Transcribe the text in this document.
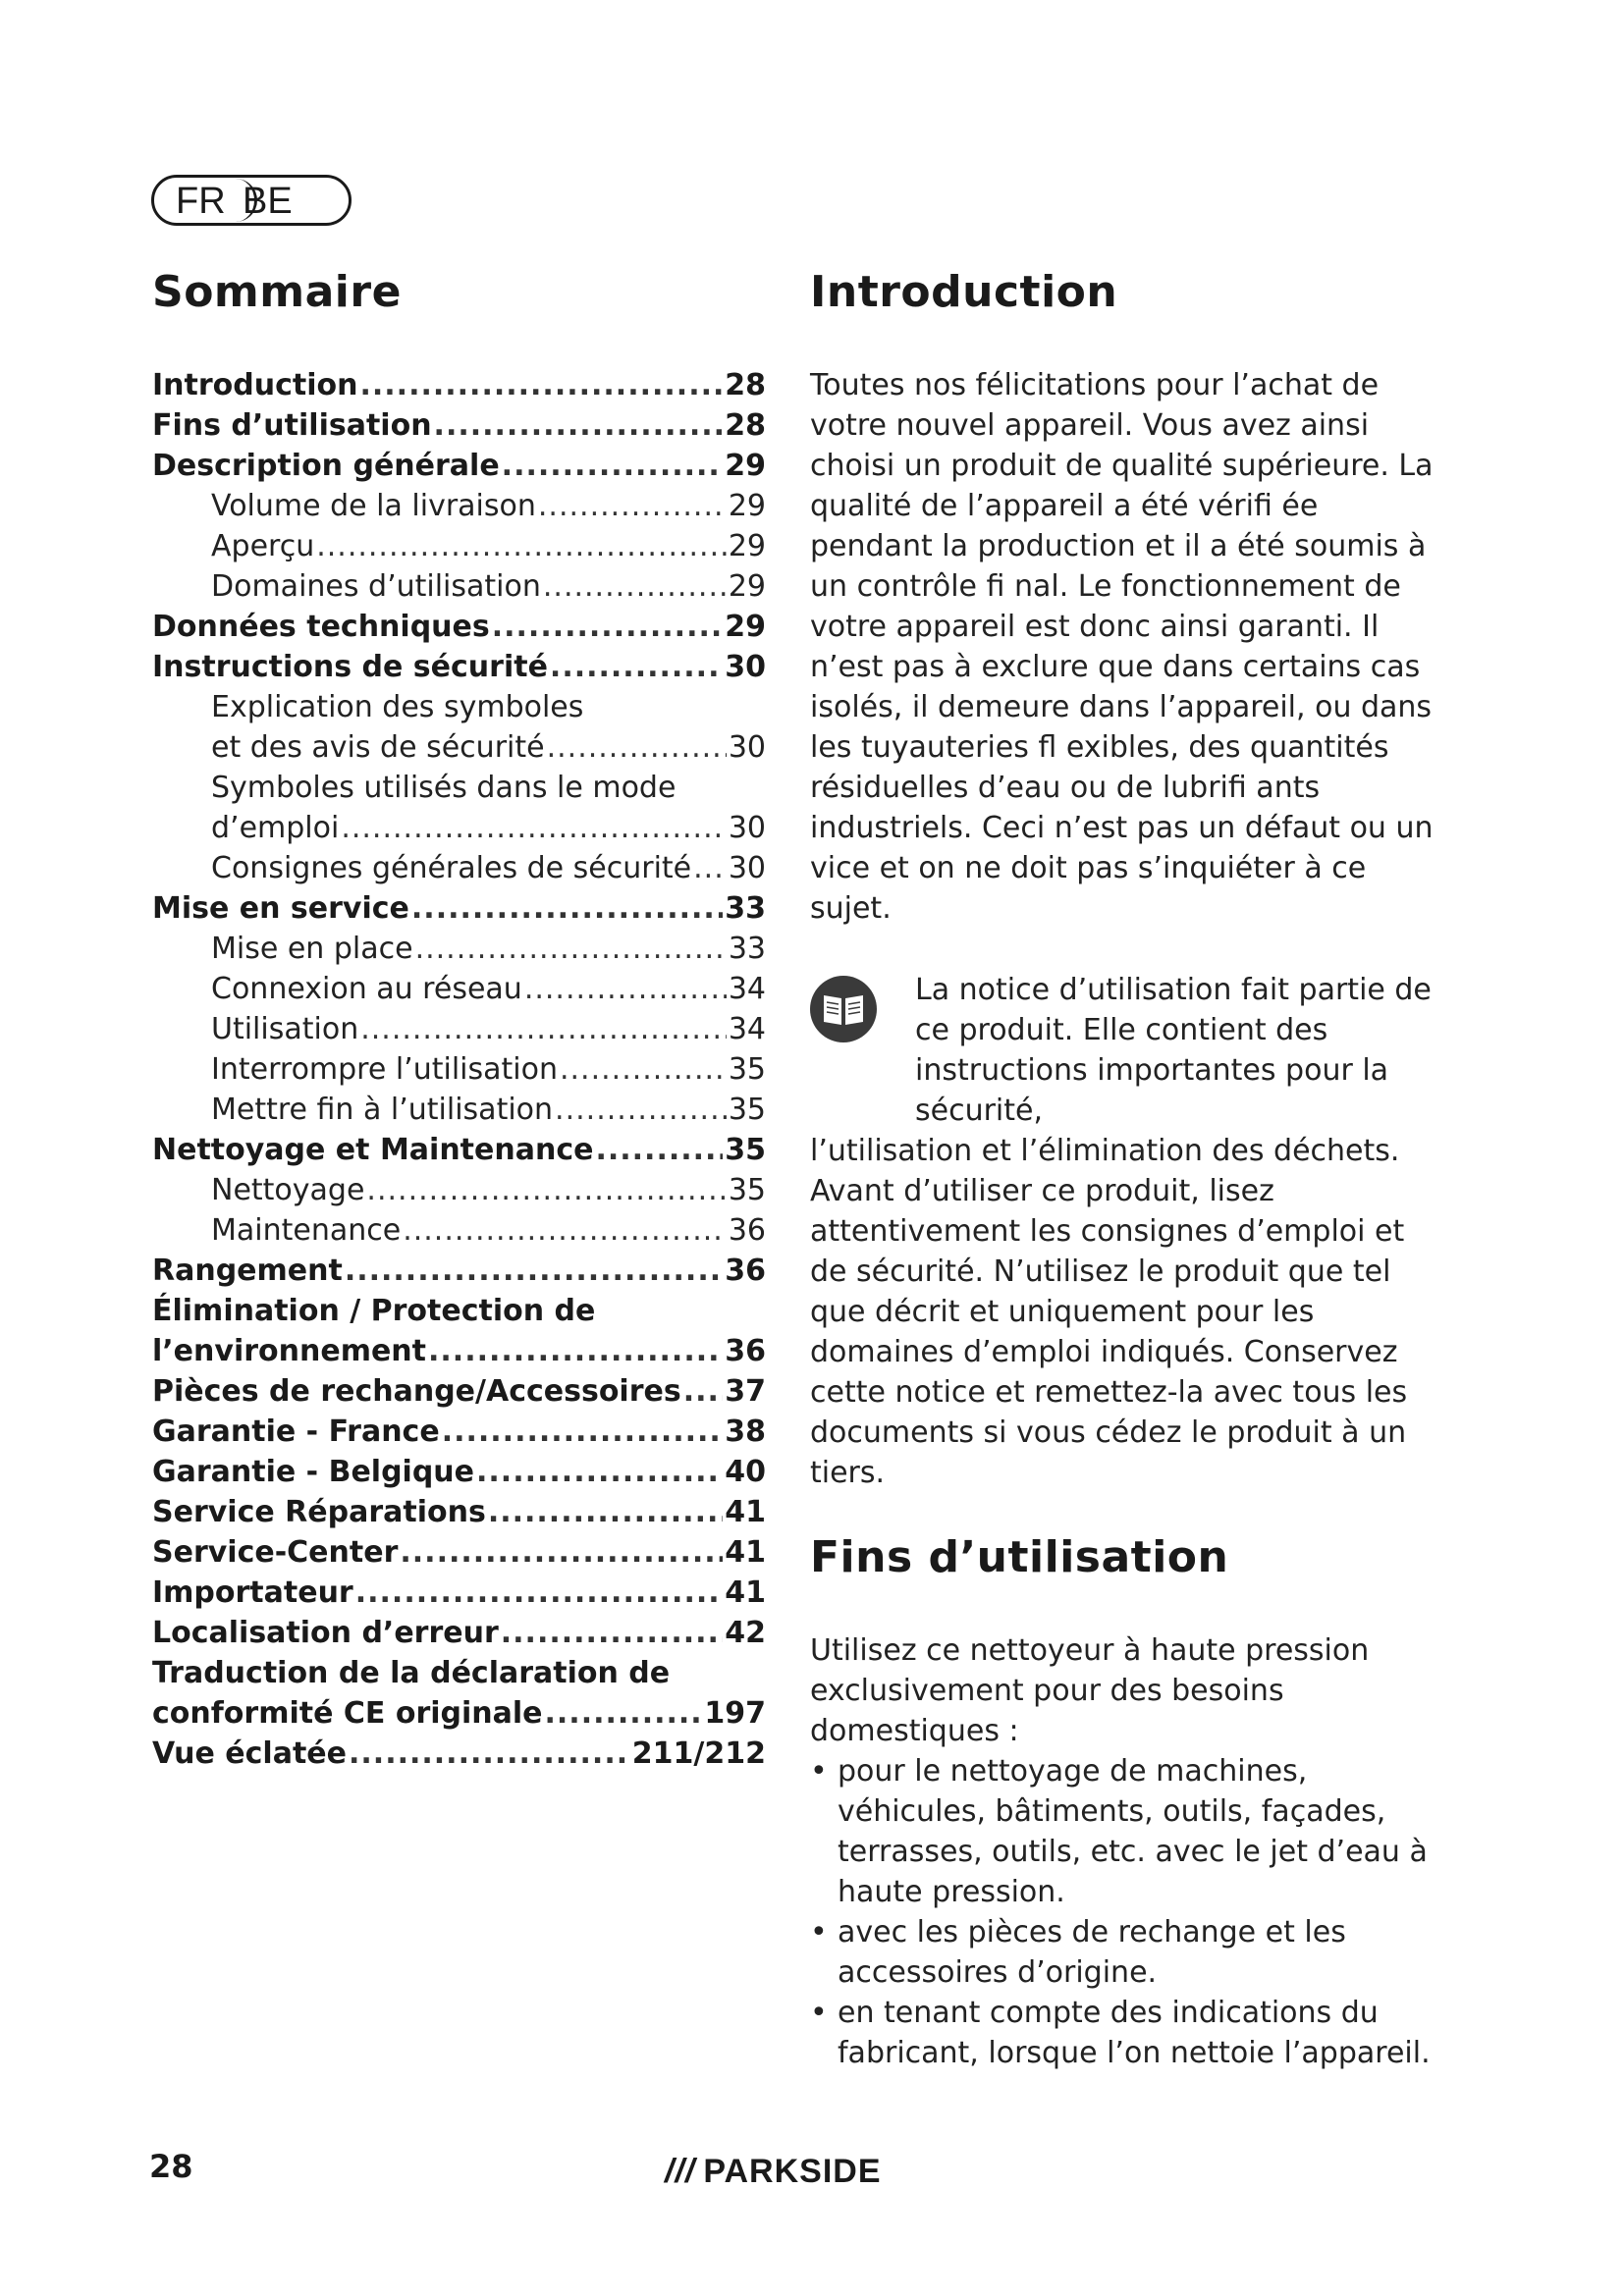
FR BE
Sommaire
Introduction .....	28
Fins d’utilisation .....	28
Description générale .....	29
Volume de la livraison .....	29
Aperçu .....	29
Domaines d’utilisation .....	29
Données techniques .....	29
Instructions de sécurité .....	30
Explication des symboles
et des avis de sécurité .....	30
Symboles utilisés dans le mode
d’emploi .....	30
Consignes générales de sécurité ..... 30
Mise en service .....	33
Mise en place .....	33
Connexion au réseau .....	34
Utilisation .....	34
Interrompre l’utilisation .....	35
Mettre fin à l’utilisation .....	35
Nettoyage et Maintenance .....	35
Nettoyage .....	35
Maintenance .....	36
Rangement .....	36
Élimination / Protection de
l’environnement .....	36
Pièces de rechange/Accessoires ..... 37
Garantie - France .....	38
Garantie - Belgique .....	40
Service Réparations .....	41
Service-Center .....	41
Importateur .....	41
Localisation d’erreur .....	42
Traduction de la déclaration de
conformité CE originale .....	197
Vue éclatée .....	211/212
Introduction

Toutes nos félicitations pour l’achat de votre nouvel appareil. Vous avez ainsi choisi un produit de qualité supérieure. La qualité de l’appareil a été vérifi ée pendant la production et il a été soumis à un contrôle fi nal. Le fonctionnement de votre appareil est donc ainsi garanti. Il n’est pas à exclure que dans certains cas isolés, il demeure dans l’appareil, ou dans les tuyauteries fl exibles, des quantités résiduelles d’eau ou de lubrifi ants industriels. Ceci n’est pas un défaut ou un vice et on ne doit pas s’inquiéter à ce sujet.

La notice d’utilisation fait partie de ce produit. Elle contient des instructions importantes pour la sécurité,

l’utilisation et l’élimination des déchets. Avant d’utiliser ce produit, lisez attentivement les consignes d’emploi et de sécurité. N’utilisez le produit que tel que décrit et uniquement pour les domaines d’emploi indiqués. Conservez cette notice et remettez-la avec tous les documents si vous cédez le produit à un tiers.

Fins d’utilisation

Utilisez ce nettoyeur à haute pression exclusivement pour des besoins domestiques :

• pour le nettoyage de machines, véhicules, bâtiments, outils, façades, terrasses, outils, etc. avec le jet d’eau à haute pression.
• avec les pièces de rechange et les accessoires d’origine.
• en tenant compte des indications du fabricant, lorsque l’on nettoie l’appareil.
28	/// PARKSIDE
